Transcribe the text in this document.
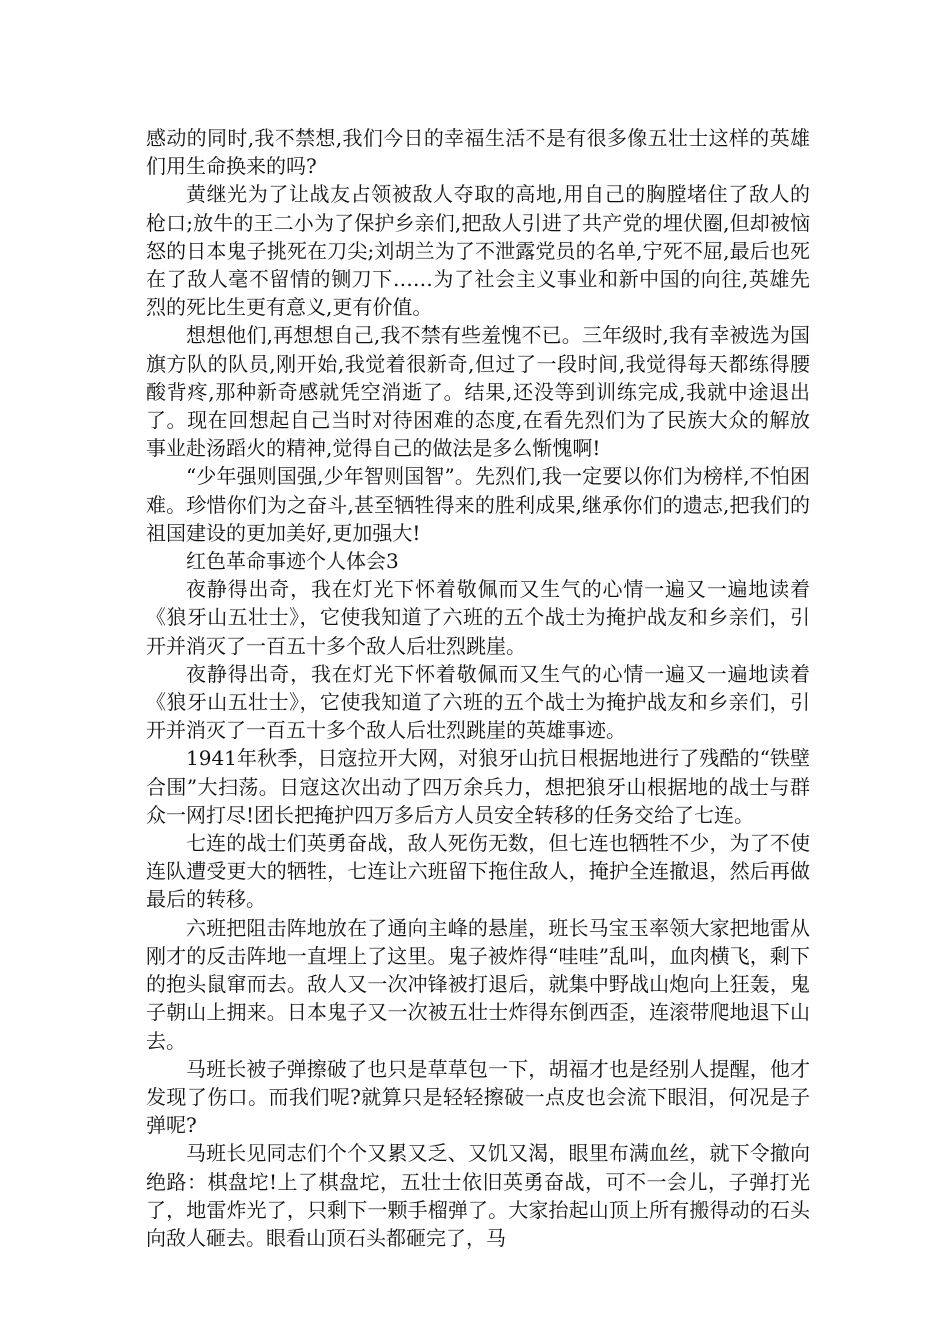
感动的同时,我不禁想,我们今日的幸福生活不是有很多像五壮士这样的英雄们用生命换来的吗?

黄继光为了让战友占领被敌人夺取的高地,用自己的胸膛堵住了敌人的枪口;放牛的王二小为了保护乡亲们,把敌人引进了共产党的埋伏圈,但却被恼怒的日本鬼子挑死在刀尖;刘胡兰为了不泄露党员的名单,宁死不屈,最后也死在了敌人毫不留情的铡刀下……为了社会主义事业和新中国的向往,英雄先烈的死比生更有意义,更有价值。

想想他们,再想想自己,我不禁有些羞愧不已。三年级时,我有幸被选为国旗方队的队员,刚开始,我觉着很新奇,但过了一段时间,我觉得每天都练得腰酸背疼,那种新奇感就凭空消逝了。结果,还没等到训练完成,我就中途退出了。现在回想起自己当时对待困难的态度,在看先烈们为了民族大众的解放事业赴汤蹈火的精神,觉得自己的做法是多么惭愧啊!

“少年强则国强,少年智则国智”。先烈们,我一定要以你们为榜样,不怕困难。珍惜你们为之奋斗,甚至牺牲得来的胜利成果,继承你们的遗志,把我们的祖国建设的更加美好,更加强大!

红色革命事迹个人体会3

夜静得出奇，我在灯光下怀着敬佩而又生气的心情一遍又一遍地读着《狼牙山五壮士》，它使我知道了六班的五个战士为掩护战友和乡亲们，引开并消灭了一百五十多个敌人后壮烈跳崖。

夜静得出奇，我在灯光下怀着敬佩而又生气的心情一遍又一遍地读着《狼牙山五壮士》，它使我知道了六班的五个战士为掩护战友和乡亲们，引开并消灭了一百五十多个敌人后壮烈跳崖的英雄事迹。

1941年秋季，日寇拉开大网，对狼牙山抗日根据地进行了残酷的“铁壁合围”大扫荡。日寇这次出动了四万余兵力，想把狼牙山根据地的战士与群众一网打尽!团长把掩护四万多后方人员安全转移的任务交给了七连。

七连的战士们英勇奋战，敌人死伤无数，但七连也牺牲不少，为了不使连队遭受更大的牺牲，七连让六班留下拖住敌人，掩护全连撤退，然后再做最后的转移。

六班把阻击阵地放在了通向主峰的悬崖，班长马宝玉率领大家把地雷从刚才的反击阵地一直埋上了这里。鬼子被炸得“哇哇”乱叫，血肉横飞，剩下的抱头鼠窜而去。敌人又一次冲锋被打退后，就集中野战山炮向上狂轰，鬼子朝山上拥来。日本鬼子又一次被五壮士炸得东倒西歪，连滚带爬地退下山去。

马班长被子弹擦破了也只是草草包一下，胡福才也是经别人提醒，他才发现了伤口。而我们呢?就算只是轻轻擦破一点皮也会流下眼泪，何况是子弹呢?

马班长见同志们个个又累又乏、又饥又渴，眼里布满血丝，就下令撤向绝路：棋盘坨!上了棋盘坨，五壮士依旧英勇奋战，可不一会儿，子弹打光了，地雷炸光了，只剩下一颗手榴弹了。大家抬起山顶上所有搬得动的石头向敌人砸去。眼看山顶石头都砸完了，马
